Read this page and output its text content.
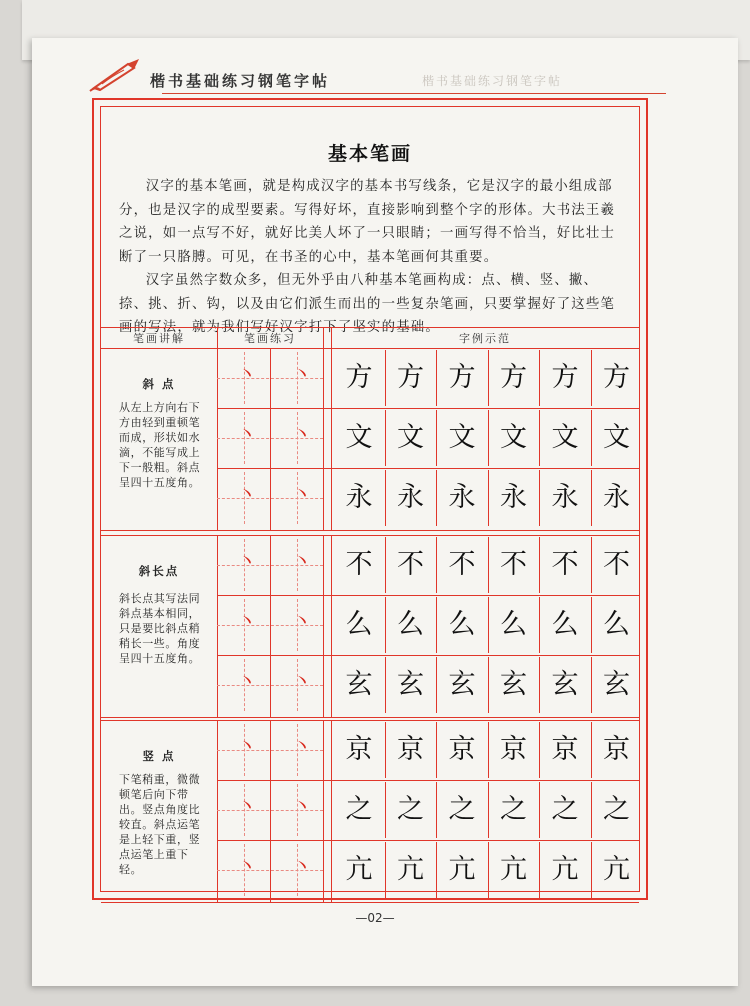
楷书基础练习钢笔字帖	楷书基础练习钢笔字帖
基本笔画

汉字的基本笔画，就是构成汉字的基本书写线条，它是汉字的最小组成部分，也是汉字的成型要素。写得好坏，直接影响到整个字的形体。大书法王羲之说，如一点写不好，就好比美人坏了一只眼睛；一画写得不恰当，好比壮士断了一只胳膊。可见，在书圣的心中，基本笔画何其重要。

汉字虽然字数众多，但无外乎由八种基本笔画构成：点、横、竖、撇、捺、挑、折、钩，以及由它们派生而出的一些复杂笔画，只要掌握好了这些笔画的写法，就为我们写好汉字打下了坚实的基础。

笔画讲解	笔画练习	字例示范
斜 点
从左上方向右下方由轻到重顿笔而成，形状如水滴，不能写成上下一般粗。斜点呈四十五度角。
丶 丶	方 方 方 方 方 方
丶 丶	文 文 文 文 文 文
丶 丶	永 永 永 永 永 永
斜长点
斜长点其写法同斜点基本相同，只是要比斜点稍稍长一些。角度呈四十五度角。
丶 丶	不 不 不 不 不 不
丶 丶	么 么 么 么 么 么
丶 丶	玄 玄 玄 玄 玄 玄
竖 点
下笔稍重，微微顿笔后向下带出。竖点角度比较直。斜点运笔是上轻下重，竖点运笔上重下轻。
丶 丶	京 京 京 京 京 京
丶 丶	之 之 之 之 之 之
丶 丶	亢 亢 亢 亢 亢 亢
—02—
